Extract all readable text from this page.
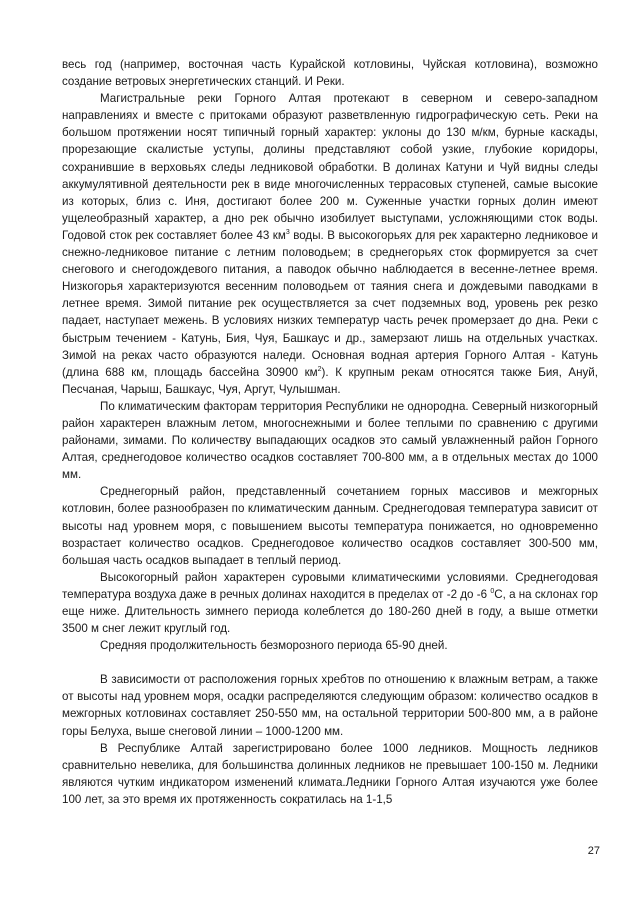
весь год (например, восточная часть Курайской котловины, Чуйская котловина), возможно создание ветровых энергетических станций. И Реки.

Магистральные реки Горного Алтая протекают в северном и северо-западном направлениях и вместе с притоками образуют разветвленную гидрографическую сеть. Реки на большом протяжении носят типичный горный характер: уклоны до 130 м/км, бурные каскады, прорезающие скалистые уступы, долины представляют собой узкие, глубокие коридоры, сохранившие в верховьях следы ледниковой обработки. В долинах Катуни и Чуй видны следы аккумулятивной деятельности рек в виде многочисленных террасовых ступеней, самые высокие из которых, близ с. Иня, достигают более 200 м. Суженные участки горных долин имеют ущелеобразный характер, а дно рек обычно изобилует выступами, усложняющими сток воды. Годовой сток рек составляет более 43 $км^3$ воды. В высокогорьях для рек характерно ледниковое и снежно-ледниковое питание с летним половодьем; в среднегорьях сток формируется за счет снегового и снегодождевого питания, а паводок обычно наблюдается в весенне-летнее время. Низкогорья характеризуются весенним половодьем от таяния снега и дождевыми паводками в летнее время. Зимой питание рек осуществляется за счет подземных вод, уровень рек резко падает, наступает межень. В условиях низких температур часть речек промерзает до дна. Реки с быстрым течением - Катунь, Бия, Чуя, Башкаус и др., замерзают лишь на отдельных участках. Зимой на реках часто образуются наледи. Основная водная артерия Горного Алтая - Катунь (длина 688 км, площадь бассейна 30900 $км^2$). К крупным рекам относятся также Бия, Ануй, Песчаная, Чарыш, Башкаус, Чуя, Аргут, Чулышман.

По климатическим факторам территория Республики не однородна. Северный низкогорный район характерен влажным летом, многоснежными и более теплыми по сравнению с другими районами, зимами. По количеству выпадающих осадков это самый увлажненный район Горного Алтая, среднегодовое количество осадков составляет 700-800 мм, а в отдельных местах до 1000 мм.

Среднегорный район, представленный сочетанием горных массивов и межгорных котловин, более разнообразен по климатическим данным. Среднегодовая температура зависит от высоты над уровнем моря, с повышением высоты температура понижается, но одновременно возрастает количество осадков. Среднегодовое количество осадков составляет 300-500 мм, большая часть осадков выпадает в теплый период.

Высокогорный район характерен суровыми климатическими условиями. Среднегодовая температура воздуха даже в речных долинах находится в пределах от -2 до -6 $^0$С, а на склонах гор еще ниже. Длительность зимнего периода колеблется до 180-260 дней в году, а выше отметки 3500 м снег лежит круглый год.

Средняя продолжительность безморозного периода 65-90 дней.

В зависимости от расположения горных хребтов по отношению к влажным ветрам, а также от высоты над уровнем моря, осадки распределяются следующим образом: количество осадков в межгорных котловинах составляет 250-550 мм, на остальной территории 500-800 мм, а в районе горы Белуха, выше снеговой линии – 1000-1200 мм.

В Республике Алтай зарегистрировано более 1000 ледников. Мощность ледников сравнительно невелика, для большинства долинных ледников не превышает 100-150 м. Ледники являются чутким индикатором изменений климата.Ледники Горного Алтая изучаются уже более 100 лет, за это время их протяженность сократилась на 1-1,5

27
